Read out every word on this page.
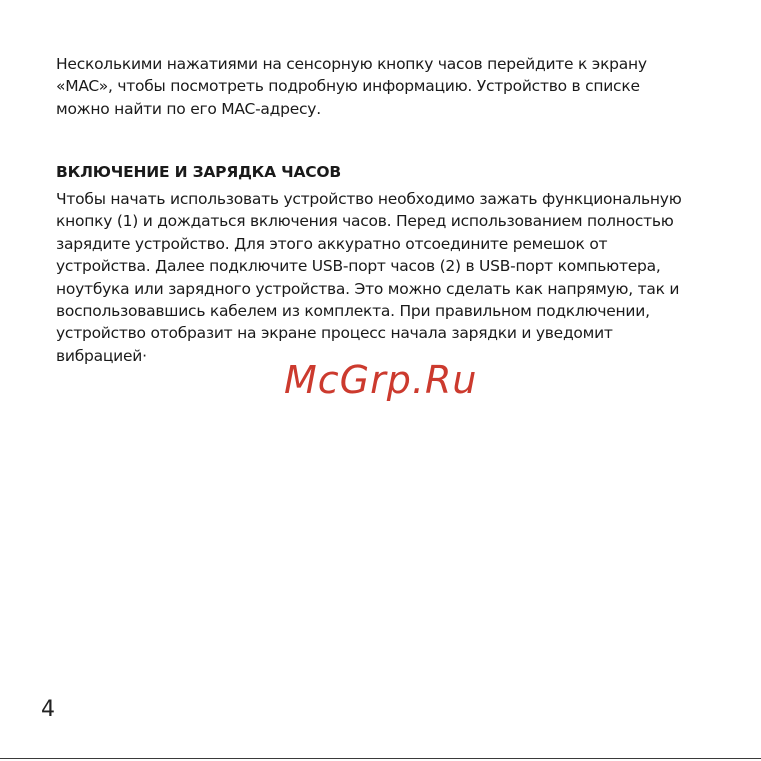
Несколькими нажатиями на сенсорную кнопку часов перейдите к экрану
«MAC», чтобы посмотреть подробную информацию. Устройство в списке
можно найти по его MAC-адресу.

ВКЛЮЧЕНИЕ И ЗАРЯДКА ЧАСОВ

Чтобы начать использовать устройство необходимо зажать функциональную
кнопку (1) и дождаться включения часов. Перед использованием полностью
зарядите устройство. Для этого аккуратно отсоедините ремешок от
устройства. Далее подключите USB-порт часов (2) в USB-порт компьютера,
ноутбука или зарядного устройства. Это можно сделать как напрямую, так и
воспользовавшись кабелем из комплекта. При правильном подключении,
устройство отобразит на экране процесс начала зарядки и уведомит
вибрацией·

McGrp.Ru
4
